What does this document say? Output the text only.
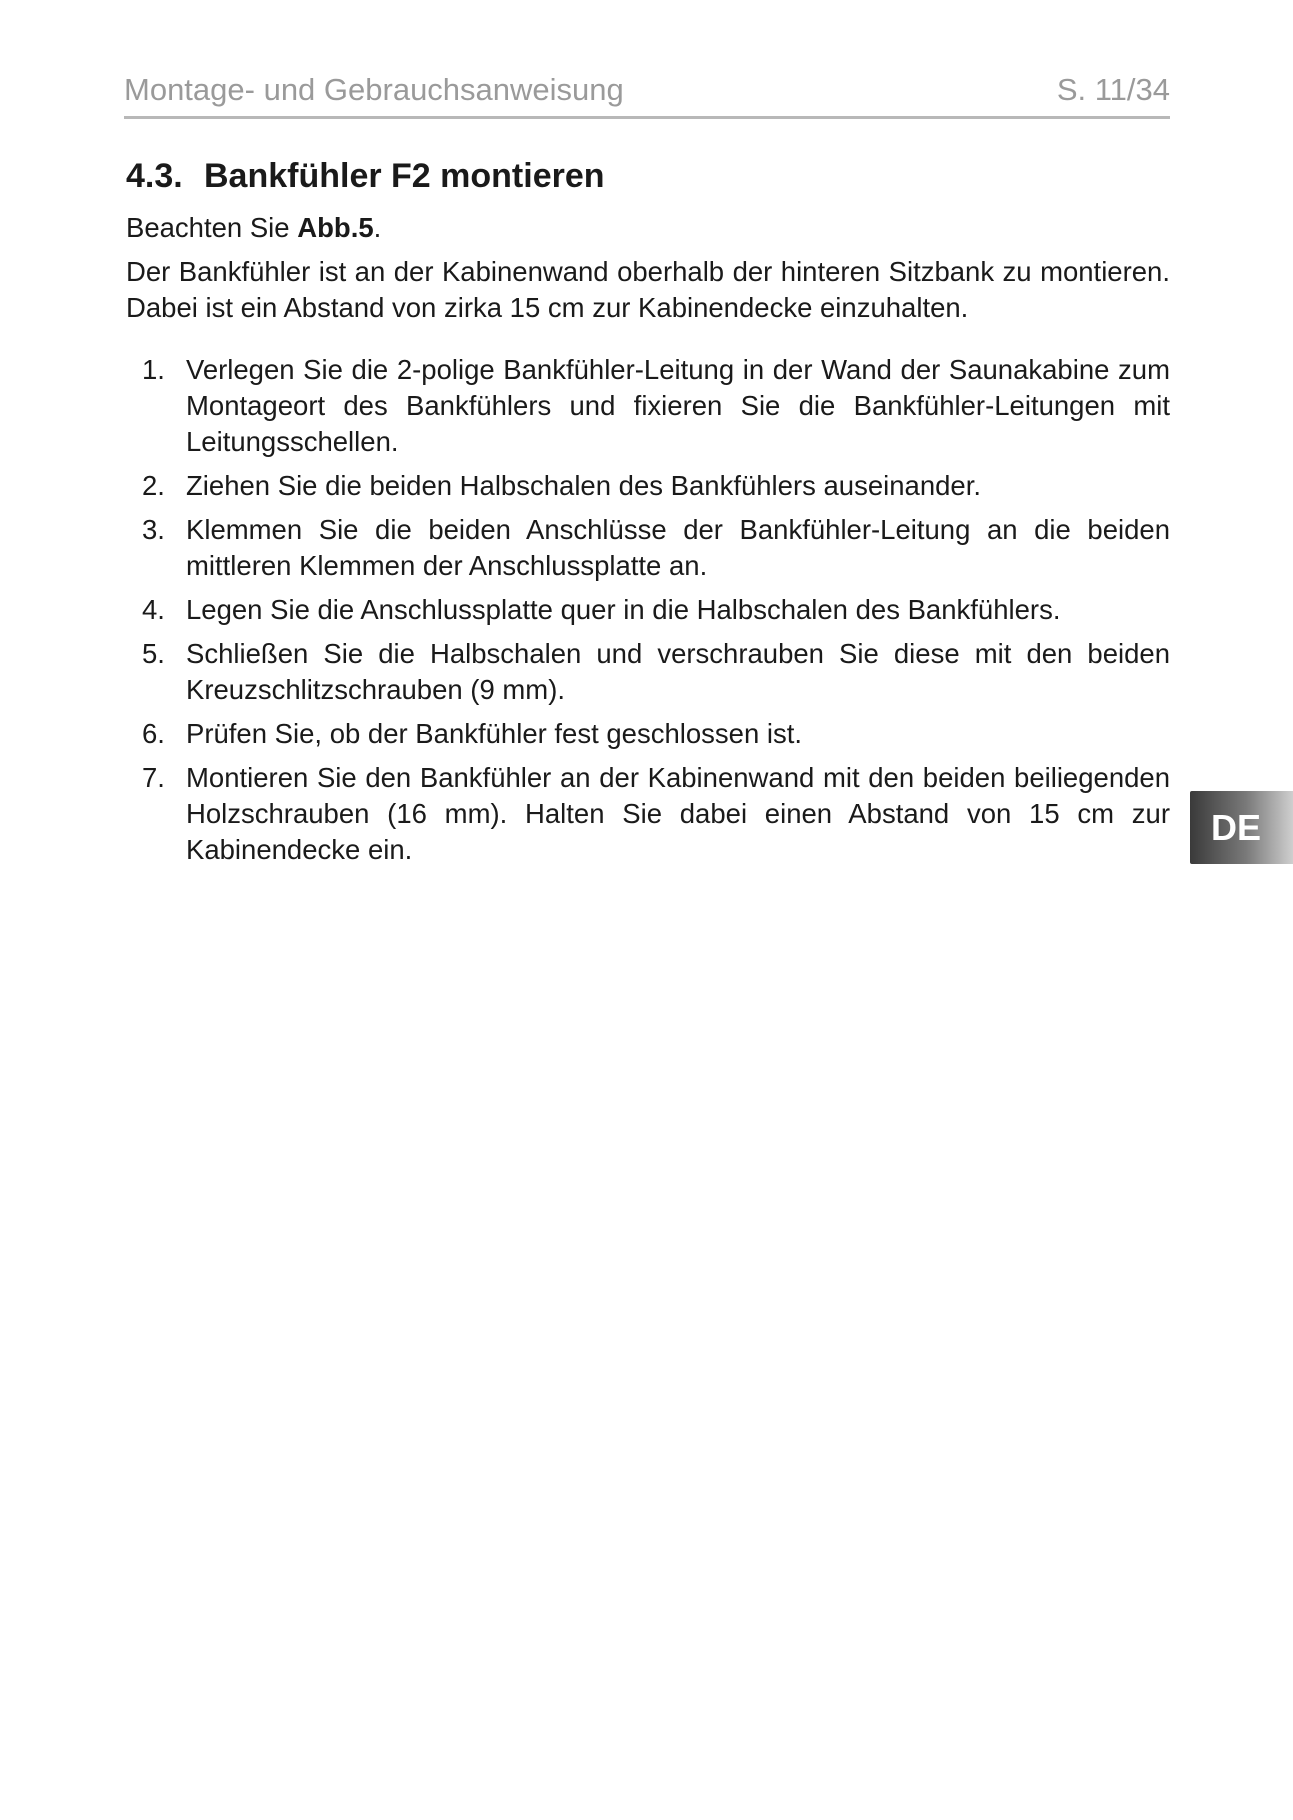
Montage- und Gebrauchsanweisung	S. 11/34
4.3. Bankfühler F2 montieren

Beachten Sie Abb.5.

Der Bankfühler ist an der Kabinenwand oberhalb der hinteren Sitzbank zu montieren. Dabei ist ein Abstand von zirka 15 cm zur Kabinendecke einzuhalten.

1. Verlegen Sie die 2-polige Bankfühler-Leitung in der Wand der Saunakabine zum Montageort des Bankfühlers und fixieren Sie die Bankfühler-Leitungen mit Leitungsschellen.
2. Ziehen Sie die beiden Halbschalen des Bankfühlers auseinander.
3. Klemmen Sie die beiden Anschlüsse der Bankfühler-Leitung an die beiden mittleren Klemmen der Anschlussplatte an.
4. Legen Sie die Anschlussplatte quer in die Halbschalen des Bankfühlers.
5. Schließen Sie die Halbschalen und verschrauben Sie diese mit den beiden Kreuzschlitzschrauben (9 mm).
6. Prüfen Sie, ob der Bankfühler fest geschlossen ist.
7. Montieren Sie den Bankfühler an der Kabinenwand mit den beiden beiliegenden Holzschrauben (16 mm). Halten Sie dabei einen Abstand von 15 cm zur Kabinendecke ein.
DE
